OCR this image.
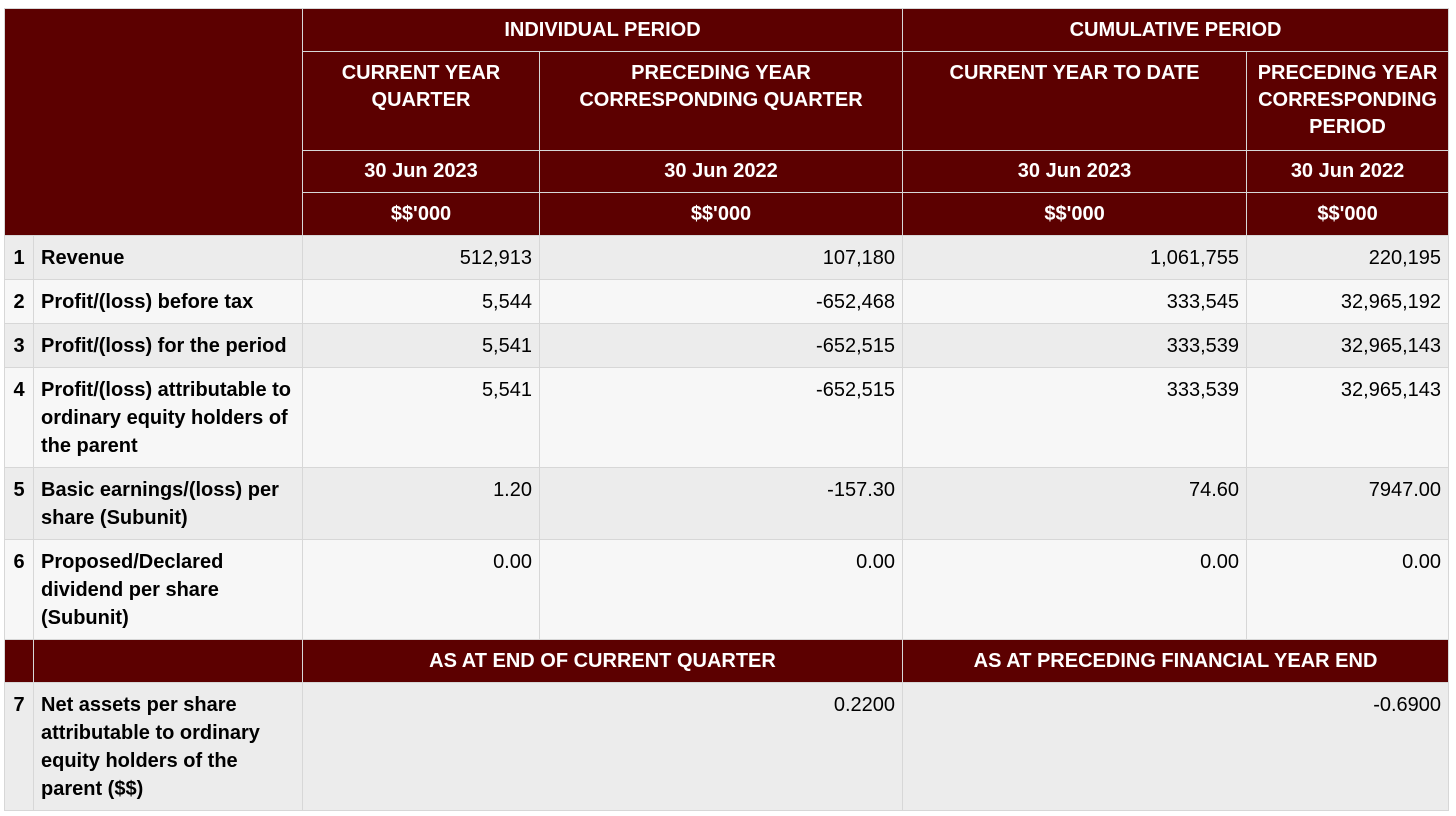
		INDIVIDUAL PERIOD		CUMULATIVE PERIOD	
		CURRENT YEAR QUARTER	PRECEDING YEAR CORRESPONDING QUARTER	CURRENT YEAR TO DATE	PRECEDING YEAR CORRESPONDING PERIOD
		30 Jun 2023	30 Jun 2022	30 Jun 2023	30 Jun 2022
		$$'000	$$'000	$$'000	$$'000
1	Revenue	512,913	107,180	1,061,755	220,195
2	Profit/(loss) before tax	5,544	-652,468	333,545	32,965,192
3	Profit/(loss) for the period	5,541	-652,515	333,539	32,965,143
4	Profit/(loss) attributable to ordinary equity holders of the parent	5,541	-652,515	333,539	32,965,143
5	Basic earnings/(loss) per share (Subunit)	1.20	-157.30	74.60	7947.00
6	Proposed/Declared dividend per share (Subunit)	0.00	0.00	0.00	0.00
		AS AT END OF CURRENT QUARTER		AS AT PRECEDING FINANCIAL YEAR END	
7	Net assets per share attributable to ordinary equity holders of the parent ($$)	0.2200		-0.6900	
